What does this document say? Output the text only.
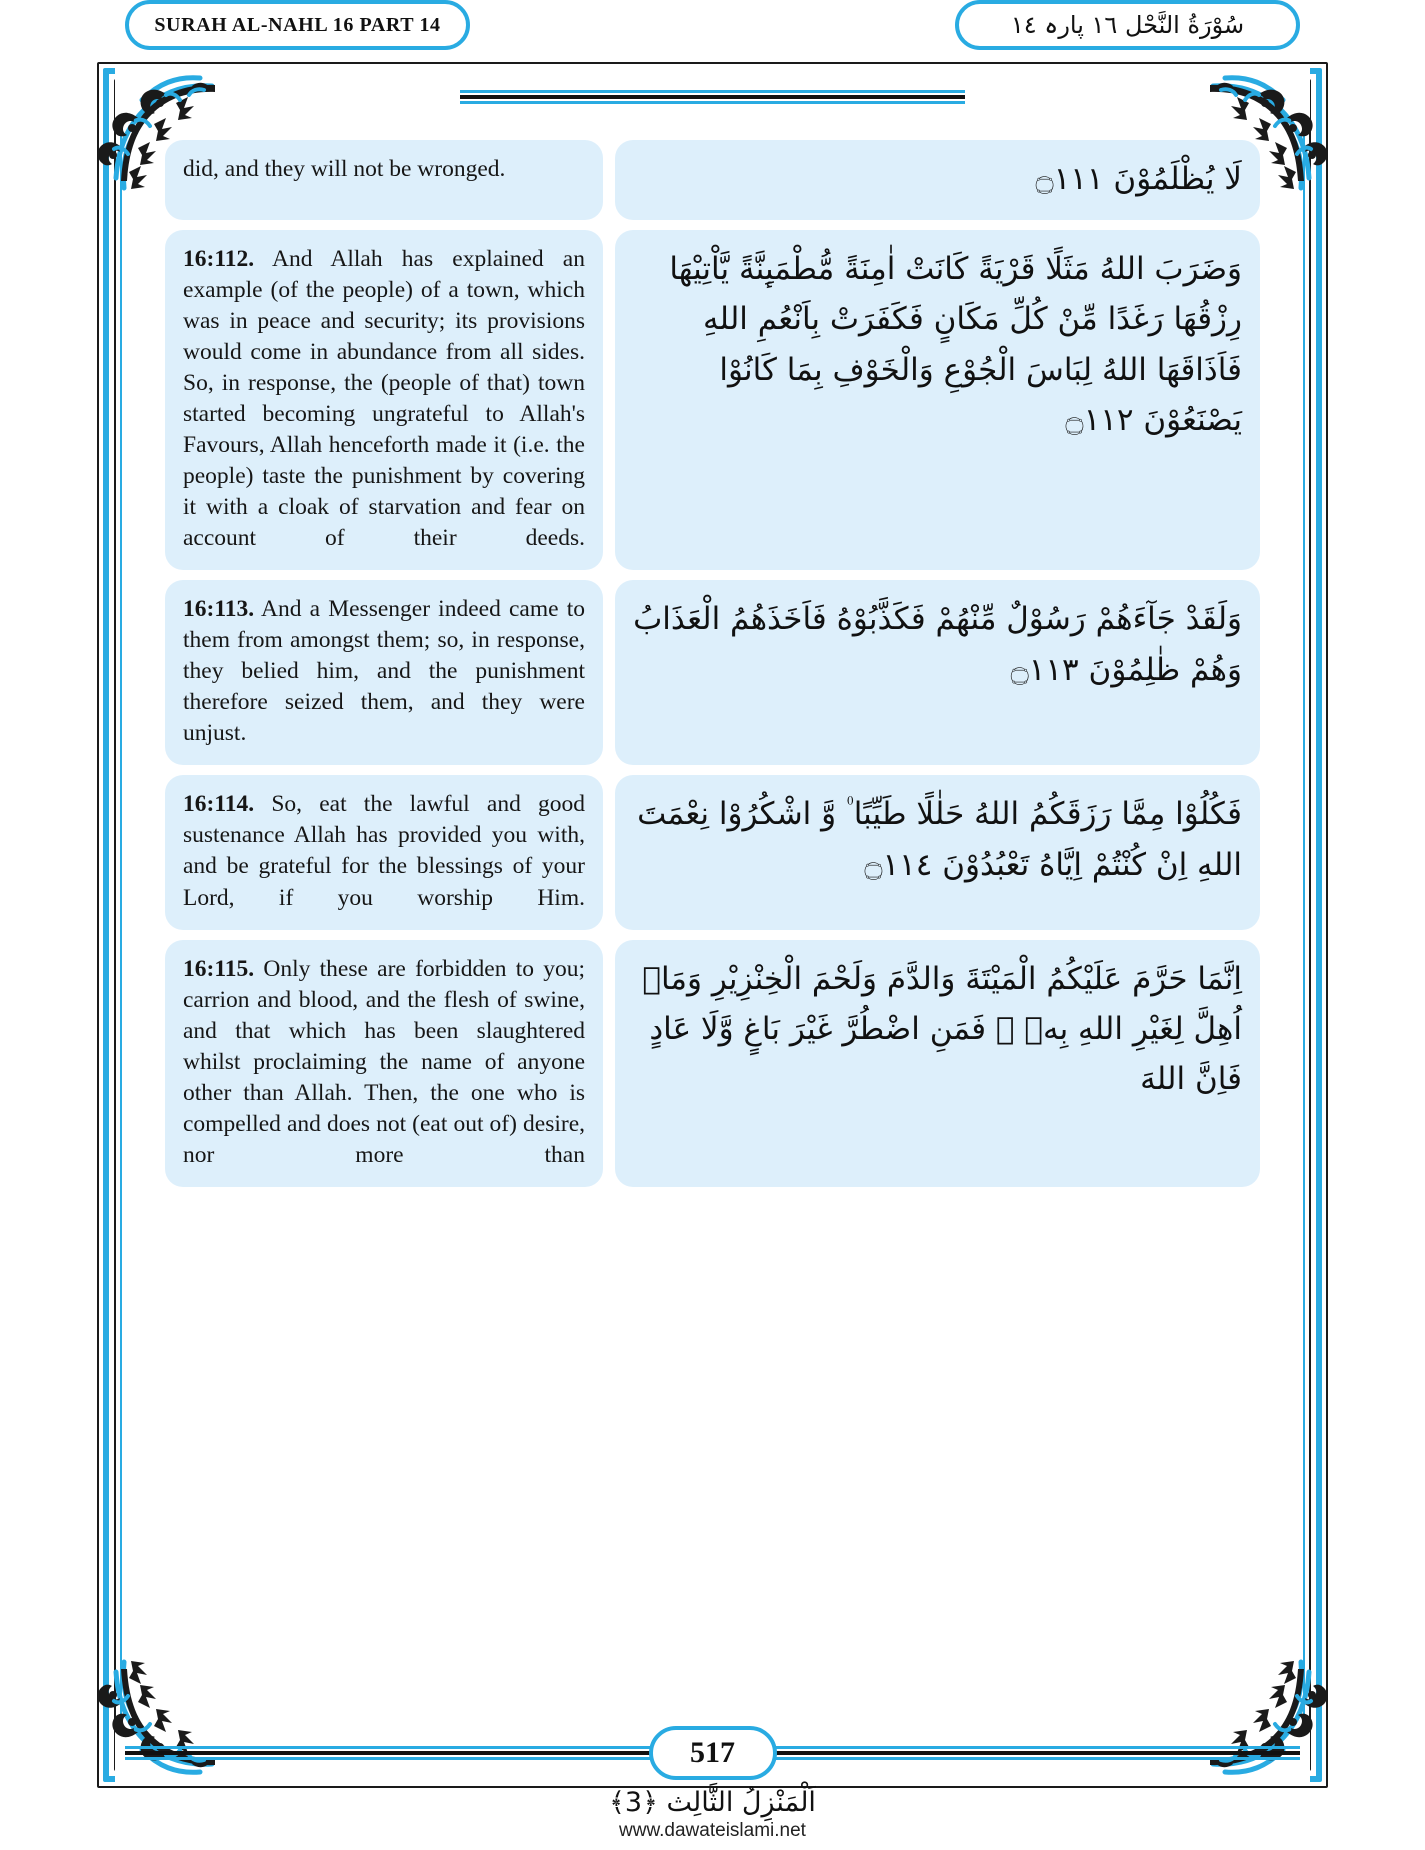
SURAH AL-NAHL 16 PART 14	سُوْرَةُ النَّحْل ١٦ پارہ ١٤
did, and they will not be wronged.	لَا يُظْلَمُوْنَ ۝١١١
16:112. And Allah has explained an example (of the people) of a town, which was in peace and security; its provisions would come in abundance from all sides. So, in response, the (people of that) town started becoming ungrateful to Allah's Favours, Allah henceforth made it (i.e. the people) taste the punishment by covering it with a cloak of starvation and fear on account of their deeds.
وَضَرَبَ اللهُ مَثَلًا قَرْيَةً كَانَتْ اٰمِنَةً مُّطْمَىِٕنَّةً يَّاْتِيْهَا رِزْقُهَا رَغَدًا مِّنْ كُلِّ مَكَانٍ فَكَفَرَتْ بِاَنْعُمِ اللهِ فَاَذَاقَهَا اللهُ لِبَاسَ الْجُوْعِ وَالْخَوْفِ بِمَا كَانُوْا يَصْنَعُوْنَ ۝١١٢
16:113. And a Messenger indeed came to them from amongst them; so, in response, they belied him, and the punishment therefore seized them, and they were unjust.
وَلَقَدْ جَآءَهُمْ رَسُوْلٌ مِّنْهُمْ فَكَذَّبُوْهُ فَاَخَذَهُمُ الْعَذَابُ وَهُمْ ظٰلِمُوْنَ ۝١١٣
16:114. So, eat the lawful and good sustenance Allah has provided you with, and be grateful for the blessings of your Lord, if you worship Him.
فَكُلُوْا مِمَّا رَزَقَكُمُ اللهُ حَلٰلًا طَيِّبًا ۠ وَّ اشْكُرُوْا نِعْمَتَ اللهِ اِنْ كُنْتُمْ اِيَّاهُ تَعْبُدُوْنَ ۝١١٤
16:115. Only these are forbidden to you; carrion and blood, and the flesh of swine, and that which has been slaughtered whilst proclaiming the name of anyone other than Allah. Then, the one who is compelled and does not (eat out of) desire, nor more than
اِنَّمَا حَرَّمَ عَلَيْكُمُ الْمَيْتَةَ وَالدَّمَ وَلَحْمَ الْخِنْزِيْرِ وَمَاۤ اُهِلَّ لِغَيْرِ اللهِ بِهٖ ۚ فَمَنِ اضْطُرَّ غَيْرَ بَاغٍ وَّلَا عَادٍ فَاِنَّ اللهَ
517
اَلْمَنْزِلُ الثَّالِث ﴿3﴾
www.dawateislami.net
